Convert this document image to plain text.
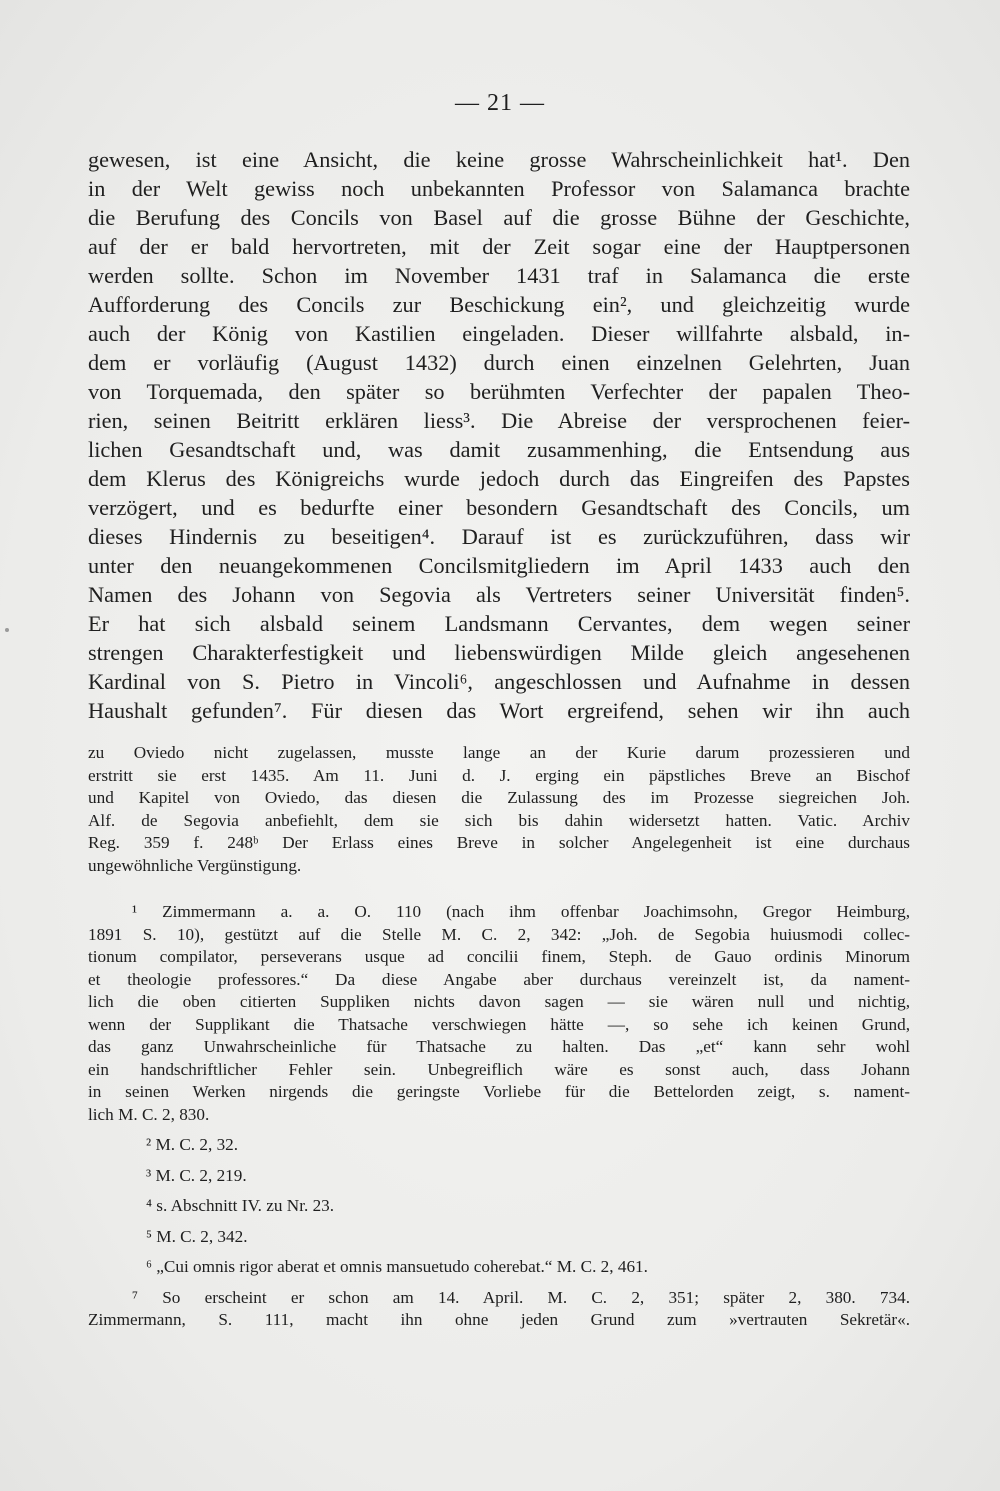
— 21 —
gewesen, ist eine Ansicht, die keine grosse Wahrscheinlichkeit hat¹. Den
in der Welt gewiss noch unbekannten Professor von Salamanca brachte
die Berufung des Concils von Basel auf die grosse Bühne der Geschichte,
auf der er bald hervortreten, mit der Zeit sogar eine der Hauptpersonen
werden sollte. Schon im November 1431 traf in Salamanca die erste
Aufforderung des Concils zur Beschickung ein², und gleichzeitig wurde
auch der König von Kastilien eingeladen. Dieser willfahrte alsbald, in-
dem er vorläufig (August 1432) durch einen einzelnen Gelehrten, Juan
von Torquemada, den später so berühmten Verfechter der papalen Theo-
rien, seinen Beitritt erklären liess³. Die Abreise der versprochenen feier-
lichen Gesandtschaft und, was damit zusammenhing, die Entsendung aus
dem Klerus des Königreichs wurde jedoch durch das Eingreifen des Papstes
verzögert, und es bedurfte einer besondern Gesandtschaft des Concils, um
dieses Hindernis zu beseitigen⁴. Darauf ist es zurückzuführen, dass wir
unter den neuangekommenen Concilsmitgliedern im April 1433 auch den
Namen des Johann von Segovia als Vertreters seiner Universität finden⁵.
Er hat sich alsbald seinem Landsmann Cervantes, dem wegen seiner
strengen Charakterfestigkeit und liebenswürdigen Milde gleich angesehenen
Kardinal von S. Pietro in Vincoli⁶, angeschlossen und Aufnahme in dessen
Haushalt gefunden⁷. Für diesen das Wort ergreifend, sehen wir ihn auch
zu Oviedo nicht zugelassen, musste lange an der Kurie darum prozessieren und
erstritt sie erst 1435. Am 11. Juni d. J. erging ein päpstliches Breve an Bischof
und Kapitel von Oviedo, das diesen die Zulassung des im Prozesse siegreichen Joh.
Alf. de Segovia anbefiehlt, dem sie sich bis dahin widersetzt hatten. Vatic. Archiv
Reg. 359 f. 248ᵇ Der Erlass eines Breve in solcher Angelegenheit ist eine durchaus
ungewöhnliche Vergünstigung.
¹ Zimmermann a. a. O. 110 (nach ihm offenbar Joachimsohn, Gregor Heimburg,
1891 S. 10), gestützt auf die Stelle M. C. 2, 342: „Joh. de Segobia huiusmodi collec-
tionum compilator, perseverans usque ad concilii finem, Steph. de Gauo ordinis Minorum
et theologie professores.“ Da diese Angabe aber durchaus vereinzelt ist, da nament-
lich die oben citierten Suppliken nichts davon sagen — sie wären null und nichtig,
wenn der Supplikant die Thatsache verschwiegen hätte —, so sehe ich keinen Grund,
das ganz Unwahrscheinliche für Thatsache zu halten. Das „et“ kann sehr wohl
ein handschriftlicher Fehler sein. Unbegreiflich wäre es sonst auch, dass Johann
in seinen Werken nirgends die geringste Vorliebe für die Bettelorden zeigt, s. nament-
lich M. C. 2, 830.
² M. C. 2, 32.
³ M. C. 2, 219.
⁴ s. Abschnitt IV. zu Nr. 23.
⁵ M. C. 2, 342.
⁶ „Cui omnis rigor aberat et omnis mansuetudo coherebat.“ M. C. 2, 461.
⁷ So erscheint er schon am 14. April. M. C. 2, 351; später 2, 380. 734.
Zimmermann, S. 111, macht ihn ohne jeden Grund zum »vertrauten Sekretär«.
